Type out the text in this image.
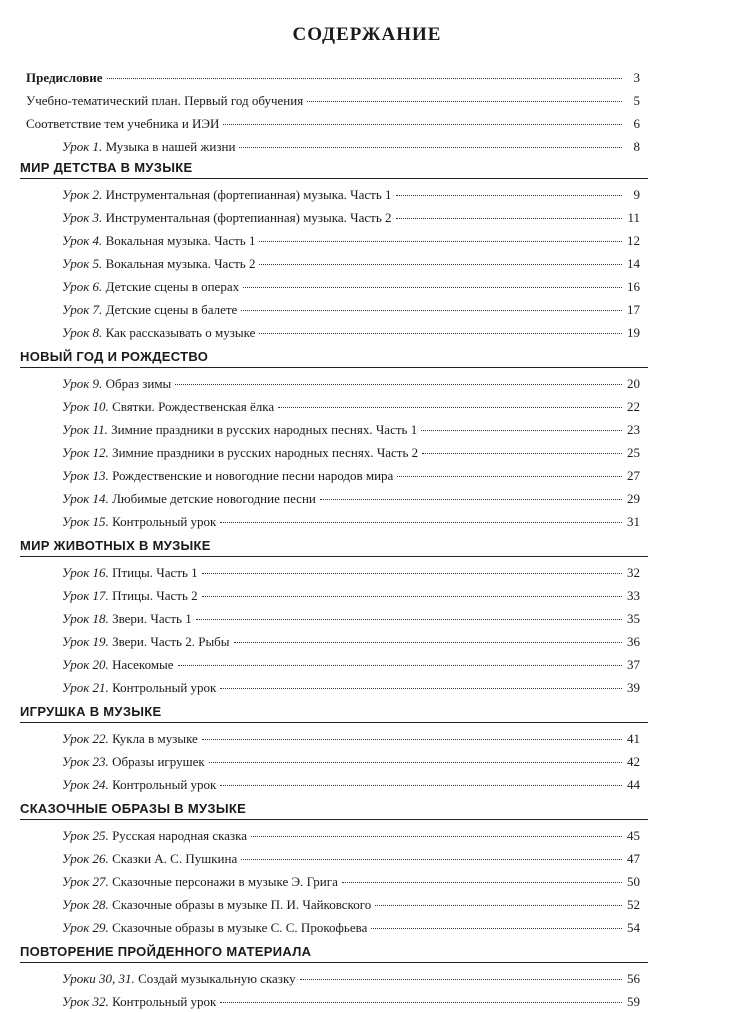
СОДЕРЖАНИЕ
Предисловие	3
Учебно-тематический план. Первый год обучения	5
Соответствие тем учебника и ИЭИ	6
Урок 1. Музыка в нашей жизни	8
МИР ДЕТСТВА В МУЗЫКЕ
Урок 2. Инструментальная (фортепианная) музыка. Часть 1	9
Урок 3. Инструментальная (фортепианная) музыка. Часть 2	11
Урок 4. Вокальная музыка. Часть 1	12
Урок 5. Вокальная музыка. Часть 2	14
Урок 6. Детские сцены в операх	16
Урок 7. Детские сцены в балете	17
Урок 8. Как рассказывать о музыке	19
НОВЫЙ ГОД И РОЖДЕСТВО
Урок 9. Образ зимы	20
Урок 10. Святки. Рождественская ёлка	22
Урок 11. Зимние праздники в русских народных песнях. Часть 1	23
Урок 12. Зимние праздники в русских народных песнях. Часть 2	25
Урок 13. Рождественские и новогодние песни народов мира	27
Урок 14. Любимые детские новогодние песни	29
Урок 15. Контрольный урок	31
МИР ЖИВОТНЫХ В МУЗЫКЕ
Урок 16. Птицы. Часть 1	32
Урок 17. Птицы. Часть 2	33
Урок 18. Звери. Часть 1	35
Урок 19. Звери. Часть 2. Рыбы	36
Урок 20. Насекомые	37
Урок 21. Контрольный урок	39
ИГРУШКА В МУЗЫКЕ
Урок 22. Кукла в музыке	41
Урок 23. Образы игрушек	42
Урок 24. Контрольный урок	44
СКАЗОЧНЫЕ ОБРАЗЫ В МУЗЫКЕ
Урок 25. Русская народная сказка	45
Урок 26. Сказки А. С. Пушкина	47
Урок 27. Сказочные персонажи в музыке Э. Грига	50
Урок 28. Сказочные образы в музыке П. И. Чайковского	52
Урок 29. Сказочные образы в музыке С. С. Прокофьева	54
ПОВТОРЕНИЕ ПРОЙДЕННОГО МАТЕРИАЛА
Уроки 30, 31. Создай музыкальную сказку	56
Урок 32. Контрольный урок	59
